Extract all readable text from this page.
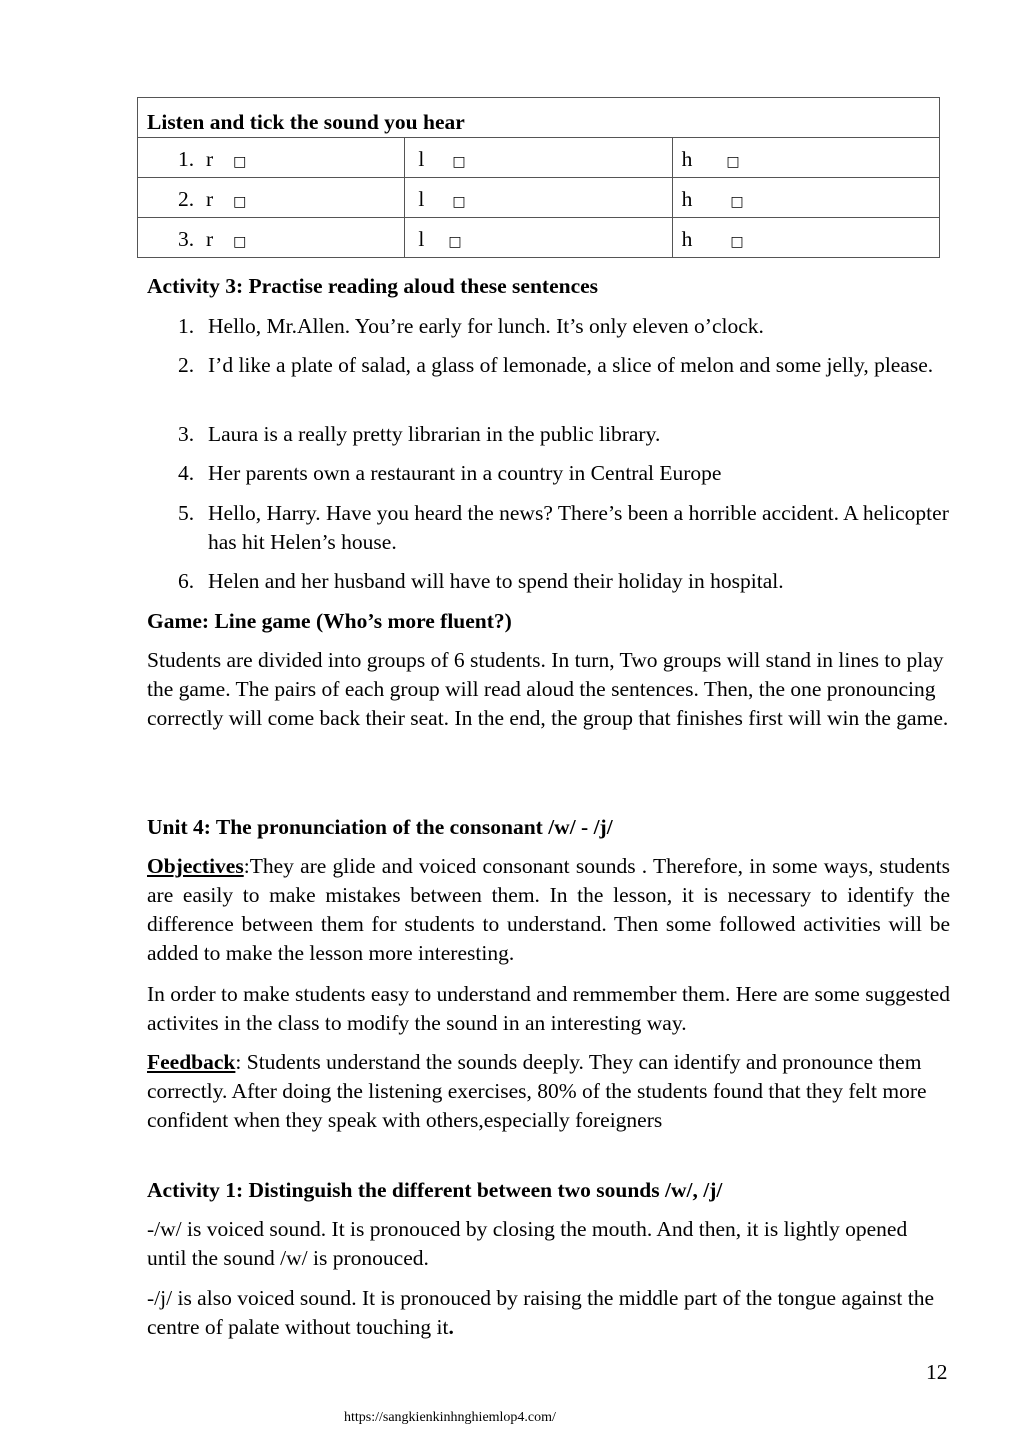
Listen and tick the sound you hear		
1. r □	l □	h □
2. r □	l □	h □
3. r □	l □	h □
Activity 3: Practise reading aloud these sentences
1. Hello, Mr.Allen. You’re early for lunch. It’s only eleven o’clock.
2. I’d like a plate of salad, a glass of lemonade, a slice of melon and some jelly, please.
3. Laura is a really pretty librarian in the public library.
4. Her parents own a restaurant in a country in Central Europe
5. Hello, Harry. Have you heard the news? There’s been a horrible accident. A helicopter has hit Helen’s house.
6. Helen and her husband will have to spend their holiday in hospital.
Game: Line game (Who’s more fluent?)
Students are divided into groups of 6 students. In turn, Two groups will stand in lines to play the game. The pairs of each group will read aloud the sentences. Then, the one pronouncing correctly will come back their seat. In the end, the group that finishes first will win the game.
Unit 4: The pronunciation of the consonant /w/ - /j/
Objectives:They are glide and voiced consonant sounds . Therefore, in some ways, students are easily to make mistakes between them. In the lesson, it is necessary to identify the difference between them for students to understand. Then some followed activities will be added to make the lesson more interesting.
In order to make students easy to understand and remmember them. Here are some suggested activites in the class to modify the sound in an interesting way.
Feedback: Students understand the sounds deeply. They can identify and pronounce them correctly. After doing the listening exercises, 80% of the students found that they felt more confident when they speak with others,especially foreigners
Activity 1: Distinguish the different between two sounds /w/, /j/
-/w/ is voiced sound. It is pronouced by closing the mouth. And then, it is lightly opened until the sound /w/ is pronouced.
-/j/ is also voiced sound. It is pronouced by raising the middle part of the tongue against the centre of palate without touching it.
12
https://sangkienkinhnghiemlop4.com/
